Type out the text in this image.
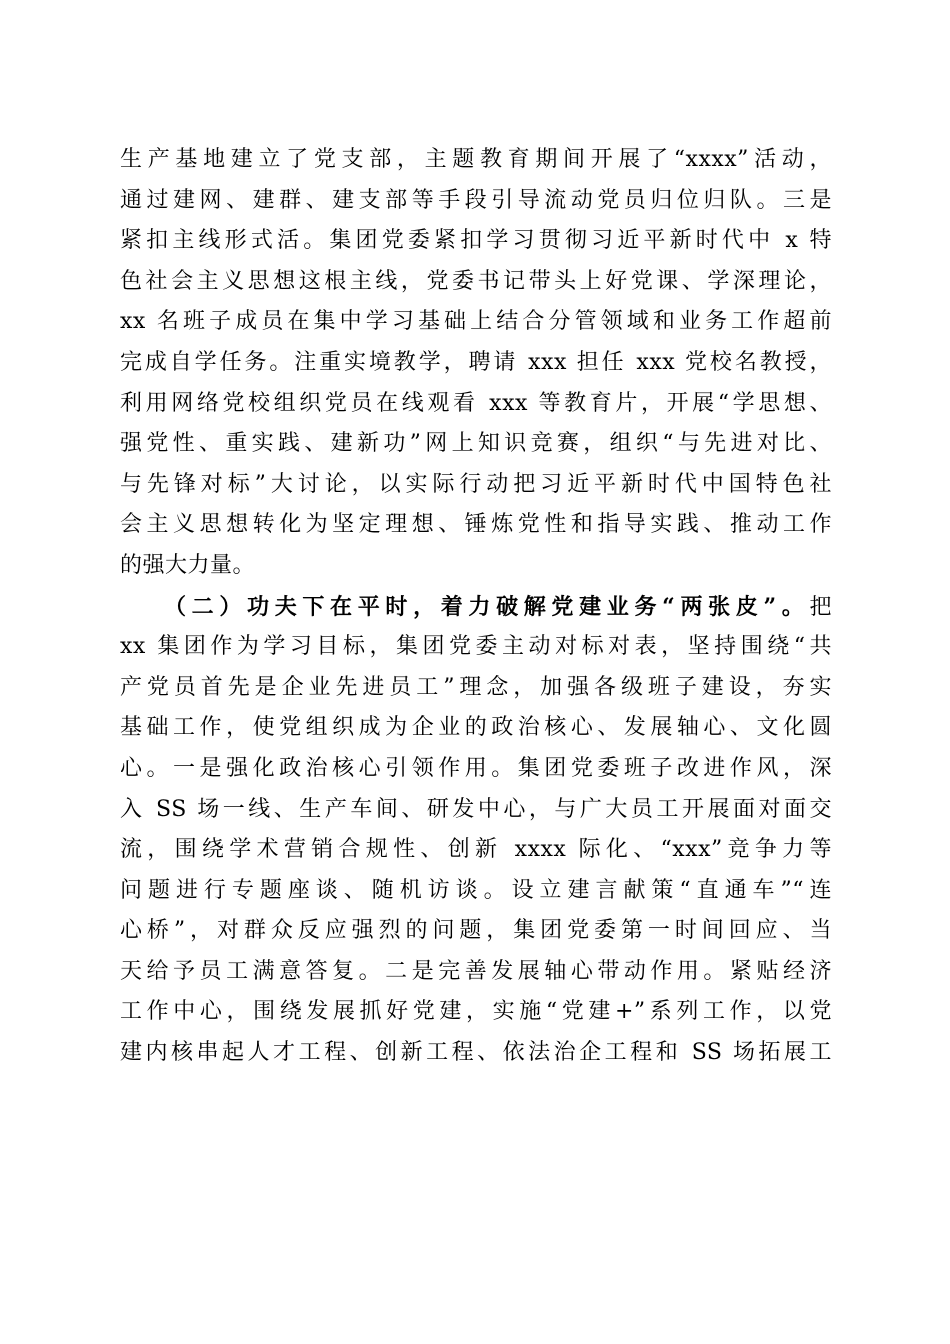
生产基地建立了党支部，主题教育期间开展了“xxxx”活动，
通过建网、建群、建支部等手段引导流动党员归位归队。三是
紧扣主线形式活。集团党委紧扣学习贯彻习近平新时代中 x 特
色社会主义思想这根主线，党委书记带头上好党课、学深理论，
xx 名班子成员在集中学习基础上结合分管领域和业务工作超前
完成自学任务。注重实境教学，聘请 xxx 担任 xxx 党校名教授，
利用网络党校组织党员在线观看 xxx 等教育片，开展“学思想、
强党性、重实践、建新功”网上知识竞赛，组织“与先进对比、
与先锋对标”大讨论，以实际行动把习近平新时代中国特色社
会主义思想转化为坚定理想、锤炼党性和指导实践、推动工作
的强大力量。
（二）功夫下在平时，着力破解党建业务“两张皮”。把
xx 集团作为学习目标，集团党委主动对标对表，坚持围绕“共
产党员首先是企业先进员工”理念，加强各级班子建设，夯实
基础工作，使党组织成为企业的政治核心、发展轴心、文化圆
心。一是强化政治核心引领作用。集团党委班子改进作风，深
入 SS 场一线、生产车间、研发中心，与广大员工开展面对面交
流，围绕学术营销合规性、创新 xxxx 际化、“xxx”竞争力等
问题进行专题座谈、随机访谈。设立建言献策“直通车”“连
心桥”，对群众反应强烈的问题，集团党委第一时间回应、当
天给予员工满意答复。二是完善发展轴心带动作用。紧贴经济
工作中心，围绕发展抓好党建，实施“党建+”系列工作，以党
建内核串起人才工程、创新工程、依法治企工程和 SS 场拓展工
